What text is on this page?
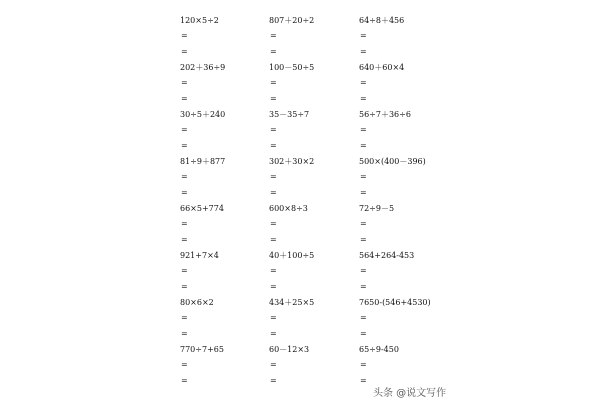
120×5÷2
=
=
202＋36÷9
=
=
30÷5＋240
=
=
81÷9＋877
=
=
66×5+774
=
=
921+7×4
=
=
80×6×2
=
=
770÷7+65
=
=
807＋20÷2
=
=
100－50÷5
=
=
35－35÷7
=
=
302＋30×2
=
=
600×8÷3
=
=
40＋100÷5
=
=
434＋25×5
=
=
60－12×3
=
=
64÷8＋456
=
=
640＋60×4
=
=
56÷7＋36÷6
=
=
500×(400－396)
=
=
72÷9－5
=
=
564+264-453
=
=
7650-(546+4530)
=
=
65÷9-450
=
=
头条 @说文写作
